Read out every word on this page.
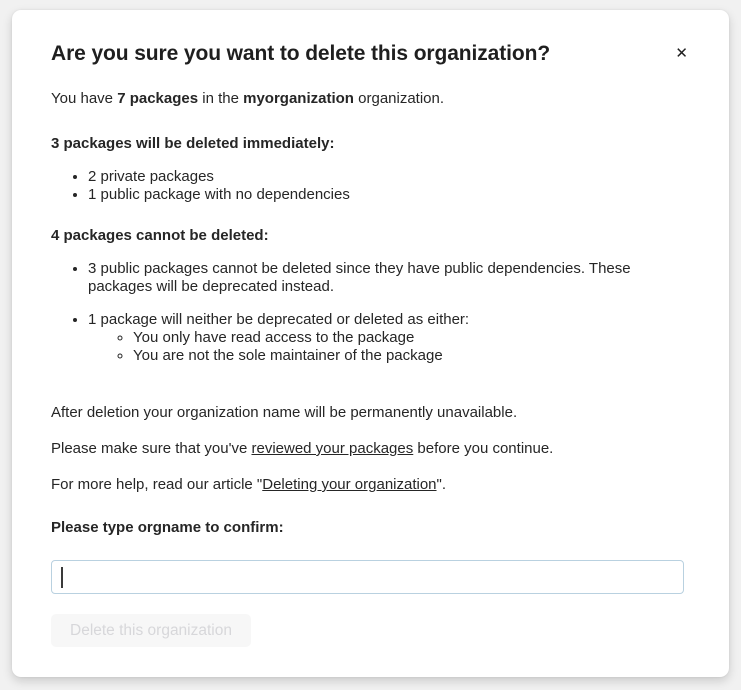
Are you sure you want to delete this organization?	✕

You have 7 packages in the myorganization organization.

3 packages will be deleted immediately:

• 2 private packages
• 1 public package with no dependencies

4 packages cannot be deleted:

• 3 public packages cannot be deleted since they have public dependencies. These packages will be deprecated instead.
• 1 package will neither be deprecated or deleted as either:
◦ You only have read access to the package
◦ You are not the sole maintainer of the package

After deletion your organization name will be permanently unavailable.

Please make sure that you've reviewed your packages before you continue.

For more help, read our article "Deleting your organization".

Please type orgname to confirm:

Delete this organization
